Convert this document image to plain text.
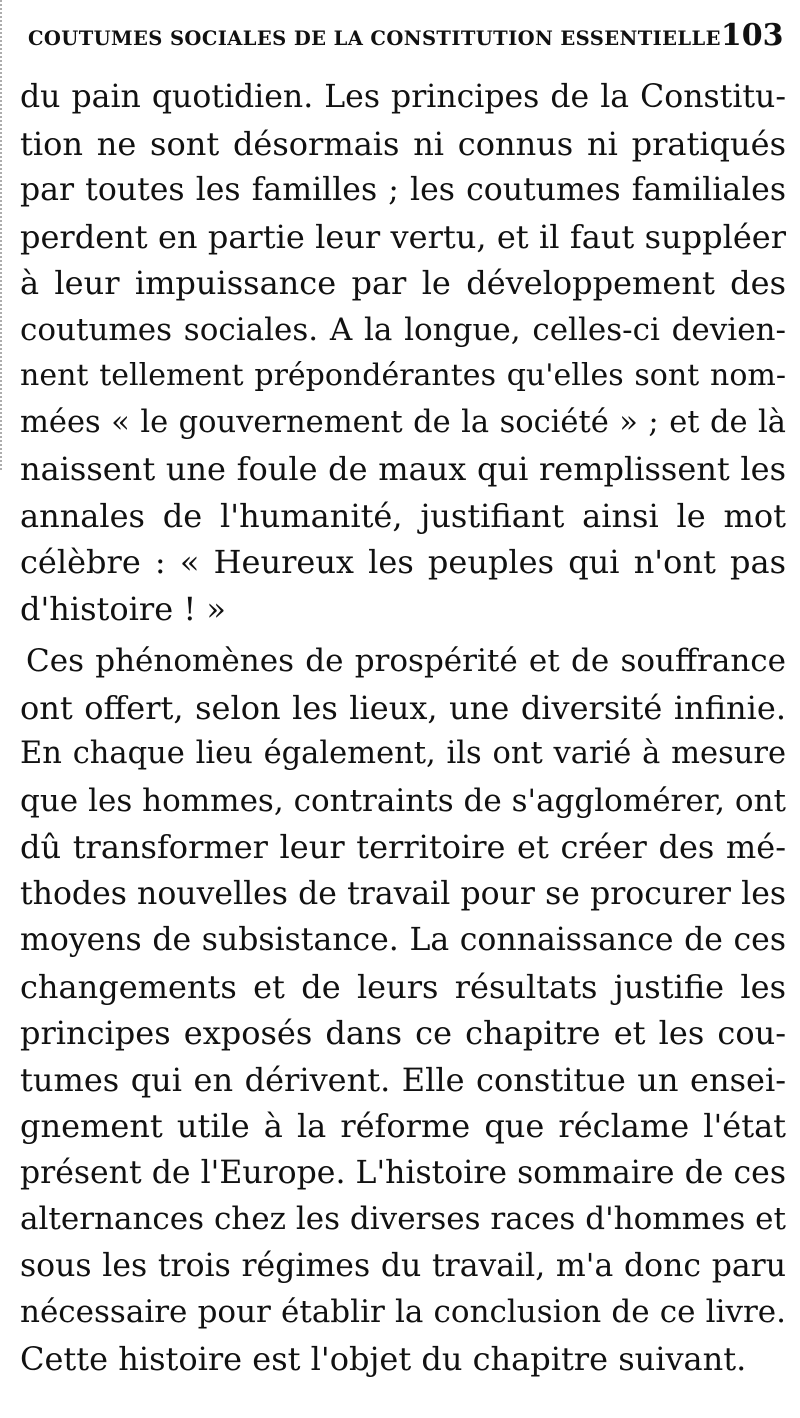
COUTUMES SOCIALES DE LA CONSTITUTION ESSENTIELLE 103
du pain quotidien. Les principes de la Constitu-
tion ne sont désormais ni connus ni pratiqués
par toutes les familles ; les coutumes familiales
perdent en partie leur vertu, et il faut suppléer
à leur impuissance par le développement des
coutumes sociales. A la longue, celles-ci devien-
nent tellement prépondérantes qu'elles sont nom-
mées « le gouvernement de la société » ; et de là
naissent une foule de maux qui remplissent les
annales de l'humanité, justifiant ainsi le mot
célèbre : « Heureux les peuples qui n'ont pas
d'histoire ! »
Ces phénomènes de prospérité et de souffrance
ont offert, selon les lieux, une diversité infinie.
En chaque lieu également, ils ont varié à mesure
que les hommes, contraints de s'agglomérer, ont
dû transformer leur territoire et créer des mé-
thodes nouvelles de travail pour se procurer les
moyens de subsistance. La connaissance de ces
changements et de leurs résultats justifie les
principes exposés dans ce chapitre et les cou-
tumes qui en dérivent. Elle constitue un ensei-
gnement utile à la réforme que réclame l'état
présent de l'Europe. L'histoire sommaire de ces
alternances chez les diverses races d'hommes et
sous les trois régimes du travail, m'a donc paru
nécessaire pour établir la conclusion de ce livre.
Cette histoire est l'objet du chapitre suivant.
